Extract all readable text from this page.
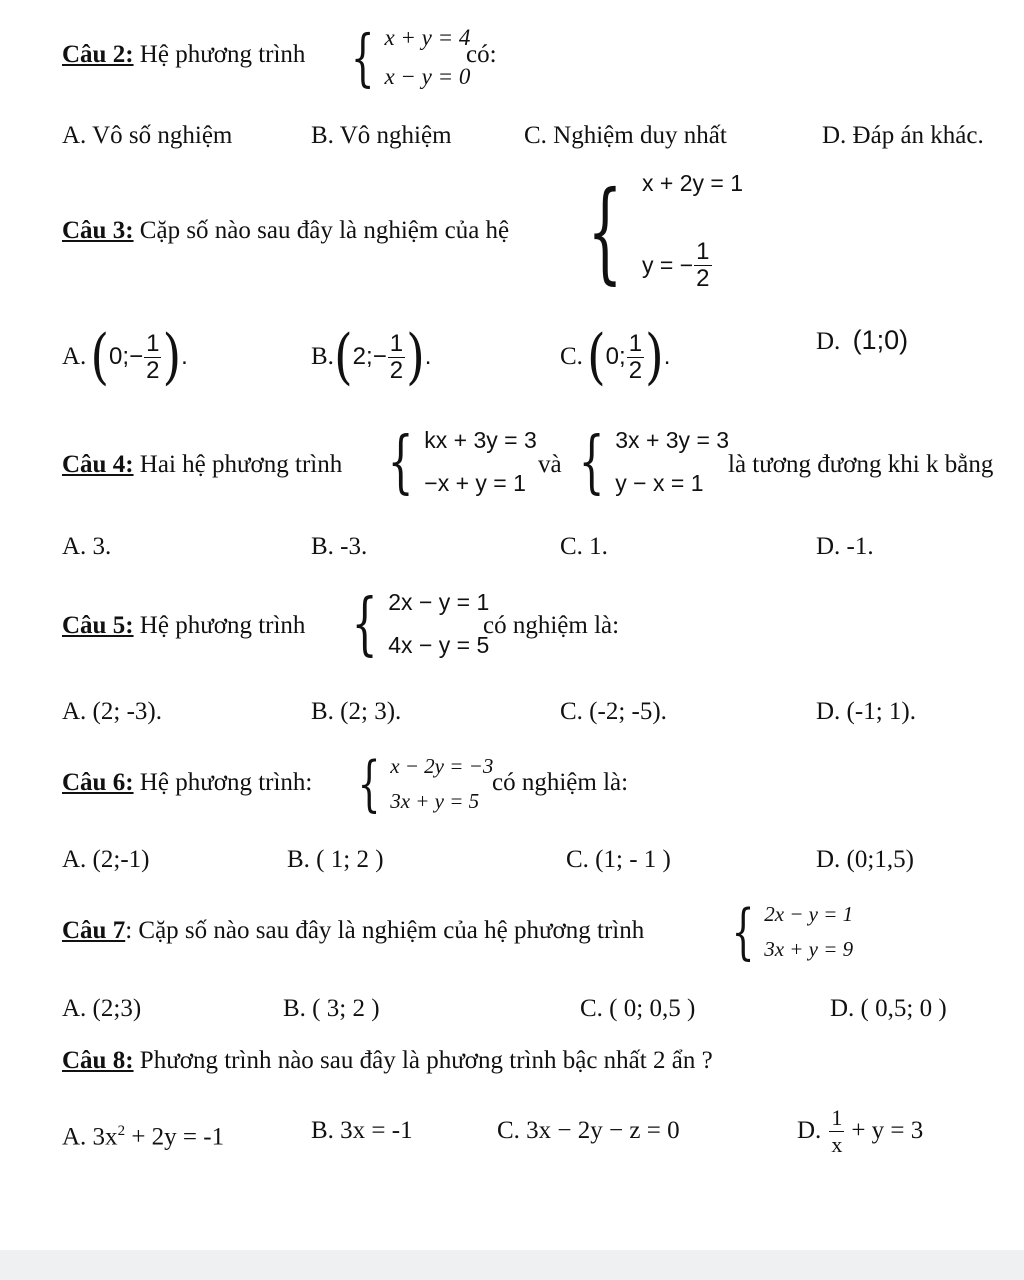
Câu 2: Hệ phương trình { x + y = 4
x − y = 0
có:
A. Vô số nghiệm	B. Vô nghiệm	C. Nghiệm duy nhất	D. Đáp án khác.
Câu 3: Cặp số nào sau đây là nghiệm của hệ { x + 2y = 1
y = − $\frac{1}{2}$
A. ( 0;− $\frac{1}{2}$ ) .	B. ( 2;− $\frac{1}{2}$ ) .	C. ( 0; $\frac{1}{2}$ ) .
D. (1;0)
Câu 4: Hai hệ phương trình { kx + 3y = 3
−x + y = 1
và { 3x + 3y = 3
y − x = 1
là tương đương khi k bằng
A. 3.	B. -3.	C. 1.	D. -1.
Câu 5: Hệ phương trình { 2x − y = 1
4x − y = 5
có nghiệm là:
A. (2; -3).	B. (2; 3).	C. (-2; -5).	D. (-1; 1).
Câu 6: Hệ phương trình: { x − 2y = −3
3x + y = 5
có nghiệm là:
A. (2;-1)	B. ( 1; 2 )	C. (1; - 1 )	D. (0;1,5)
Câu 7: Cặp số nào sau đây là nghiệm của hệ phương trình { 2x − y = 1
3x + y = 9
A. (2;3)	B. ( 3; 2 )	C. ( 0; 0,5 )	D. ( 0,5; 0 )
Câu 8: Phương trình nào sau đây là phương trình bậc nhất 2 ẩn ?
A. $3x^2 + 2y = -1$	B. 3x = -1	C. 3x − 2y − z = 0	D. $\frac{1}{x} + y = 3$
